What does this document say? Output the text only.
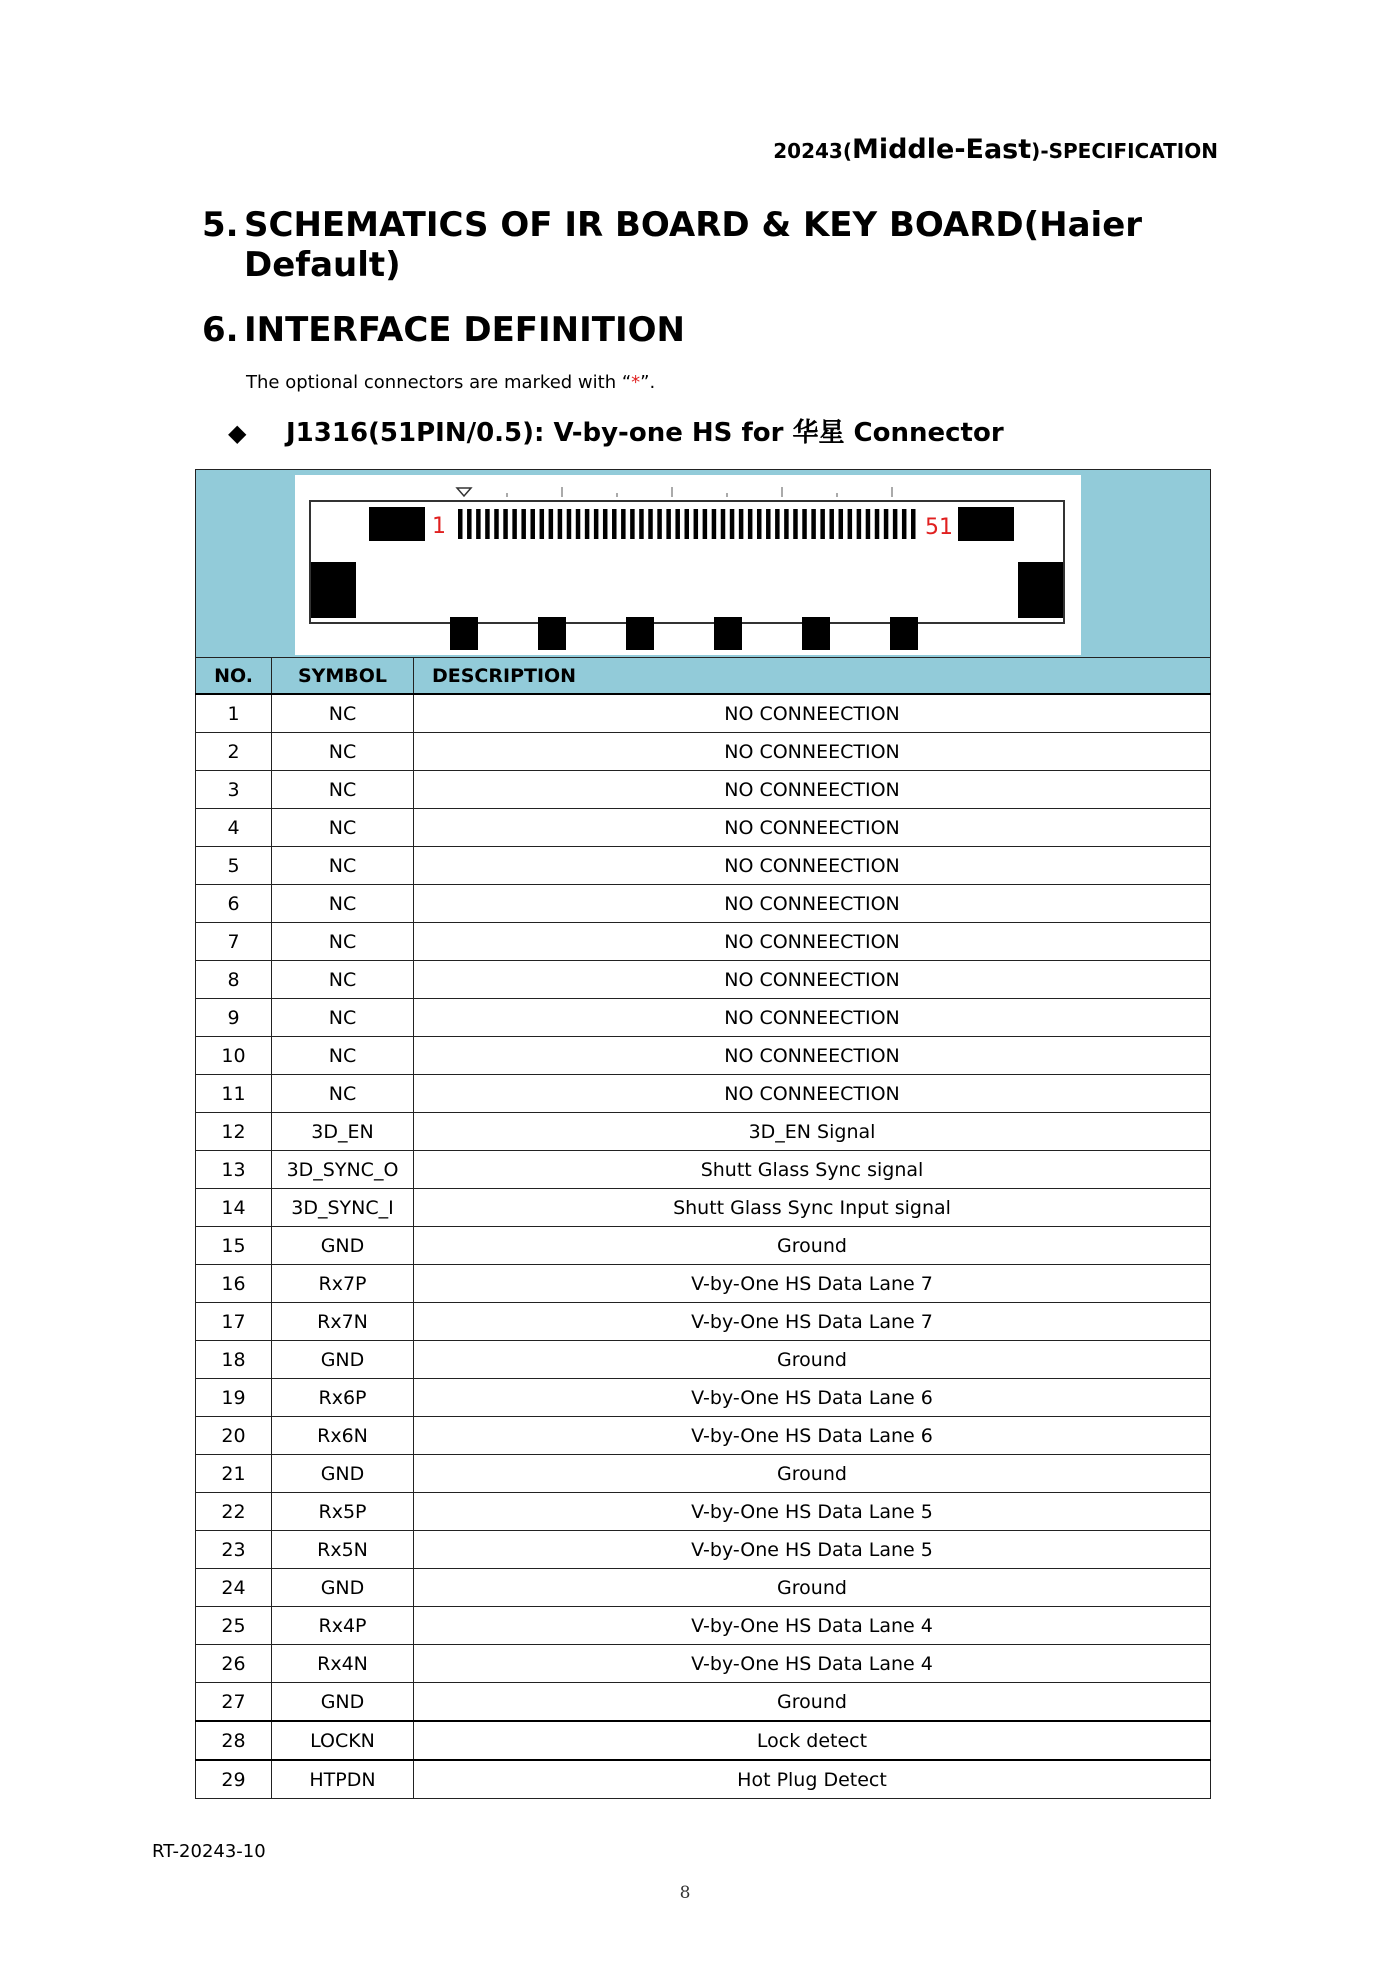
20243(Middle-East)-SPECIFICATION
5. SCHEMATICS OF IR BOARD & KEY BOARD(Haier Default)
6. INTERFACE DEFINITION
The optional connectors are marked with “*”.
◆ J1316(51PIN/0.5): V-by-one HS for 华星 Connector
1 51		

NO.	SYMBOL	DESCRIPTION
1	NC	NO CONNEECTION
2	NC	NO CONNEECTION
3	NC	NO CONNEECTION
4	NC	NO CONNEECTION
5	NC	NO CONNEECTION
6	NC	NO CONNEECTION
7	NC	NO CONNEECTION
8	NC	NO CONNEECTION
9	NC	NO CONNEECTION
10	NC	NO CONNEECTION
11	NC	NO CONNEECTION
12	3D_EN	3D_EN Signal
13	3D_SYNC_O	Shutt Glass Sync signal
14	3D_SYNC_I	Shutt Glass Sync Input signal
15	GND	Ground
16	Rx7P	V-by-One HS Data Lane 7
17	Rx7N	V-by-One HS Data Lane 7
18	GND	Ground
19	Rx6P	V-by-One HS Data Lane 6
20	Rx6N	V-by-One HS Data Lane 6
21	GND	Ground
22	Rx5P	V-by-One HS Data Lane 5
23	Rx5N	V-by-One HS Data Lane 5
24	GND	Ground
25	Rx4P	V-by-One HS Data Lane 4
26	Rx4N	V-by-One HS Data Lane 4
27	GND	Ground
28	LOCKN	Lock detect
29	HTPDN	Hot Plug Detect
RT-20243-10
8
